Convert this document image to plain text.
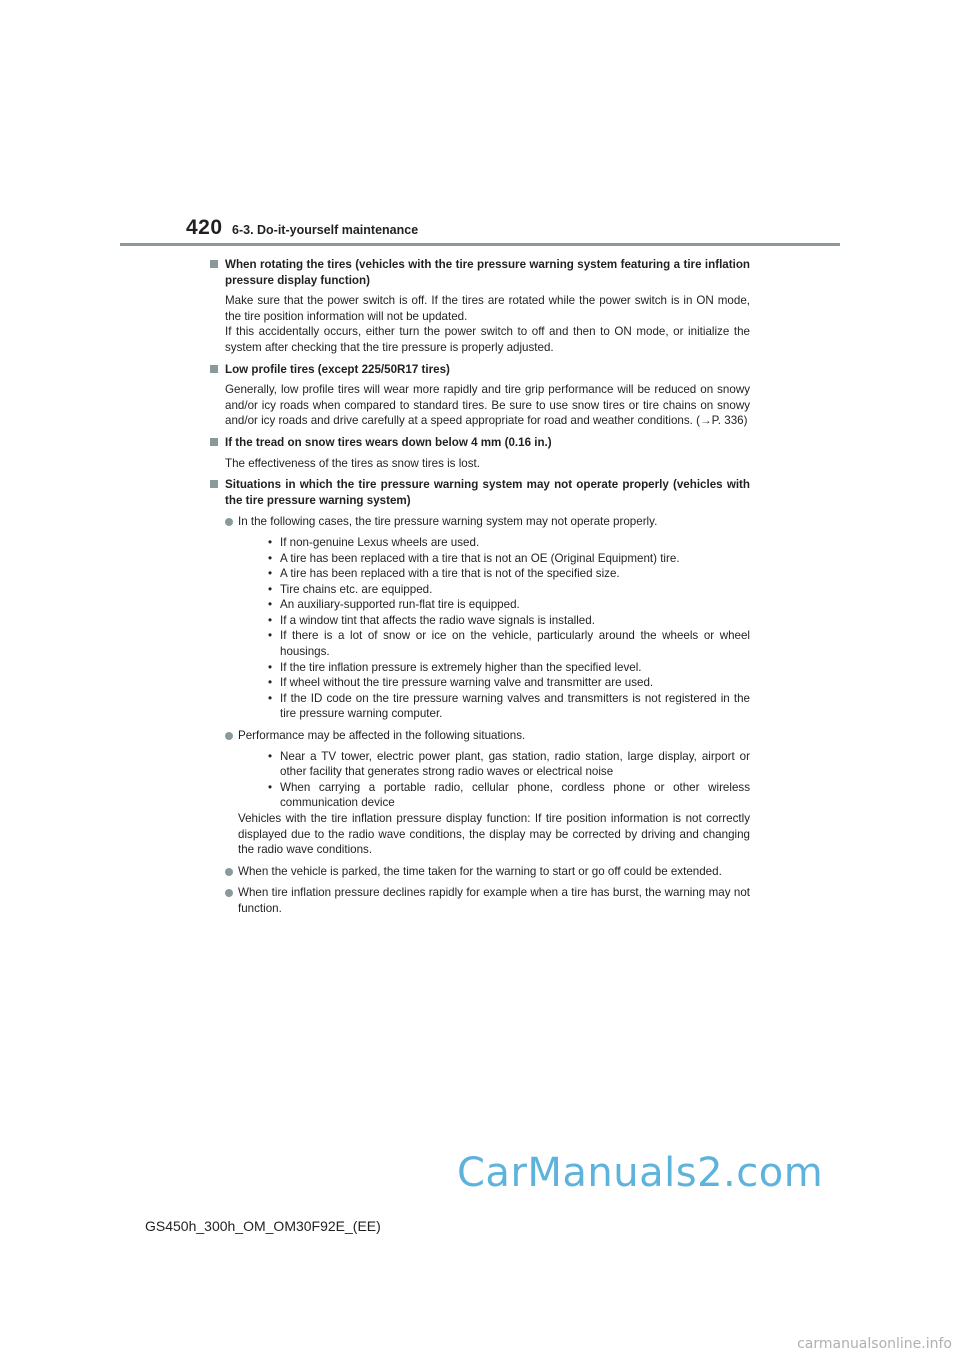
420 6-3. Do-it-yourself maintenance

When rotating the tires (vehicles with the tire pressure warning system featuring a tire inflation pressure display function)

Make sure that the power switch is off. If the tires are rotated while the power switch is in ON mode, the tire position information will not be updated.
If this accidentally occurs, either turn the power switch to off and then to ON mode, or initialize the system after checking that the tire pressure is properly adjusted.

Low profile tires (except 225/50R17 tires)

Generally, low profile tires will wear more rapidly and tire grip performance will be reduced on snowy and/or icy roads when compared to standard tires. Be sure to use snow tires or tire chains on snowy and/or icy roads and drive carefully at a speed appropriate for road and weather conditions. (→P. 336)

If the tread on snow tires wears down below 4 mm (0.16 in.)

The effectiveness of the tires as snow tires is lost.

Situations in which the tire pressure warning system may not operate properly (vehicles with the tire pressure warning system)

In the following cases, the tire pressure warning system may not operate properly.
• If non-genuine Lexus wheels are used.
• A tire has been replaced with a tire that is not an OE (Original Equipment) tire.
• A tire has been replaced with a tire that is not of the specified size.
• Tire chains etc. are equipped.
• An auxiliary-supported run-flat tire is equipped.
• If a window tint that affects the radio wave signals is installed.
• If there is a lot of snow or ice on the vehicle, particularly around the wheels or wheel housings.
• If the tire inflation pressure is extremely higher than the specified level.
• If wheel without the tire pressure warning valve and transmitter are used.
• If the ID code on the tire pressure warning valves and transmitters is not registered in the tire pressure warning computer.
Performance may be affected in the following situations.
• Near a TV tower, electric power plant, gas station, radio station, large display, airport or other facility that generates strong radio waves or electrical noise
• When carrying a portable radio, cellular phone, cordless phone or other wireless communication device

Vehicles with the tire inflation pressure display function: If tire position information is not correctly displayed due to the radio wave conditions, the display may be corrected by driving and changing the radio wave conditions.

When the vehicle is parked, the time taken for the warning to start or go off could be extended.
When tire inflation pressure declines rapidly for example when a tire has burst, the warning may not function.
CarManuals2.com
GS450h_300h_OM_OM30F92E_(EE)
carmanualsonline.info
